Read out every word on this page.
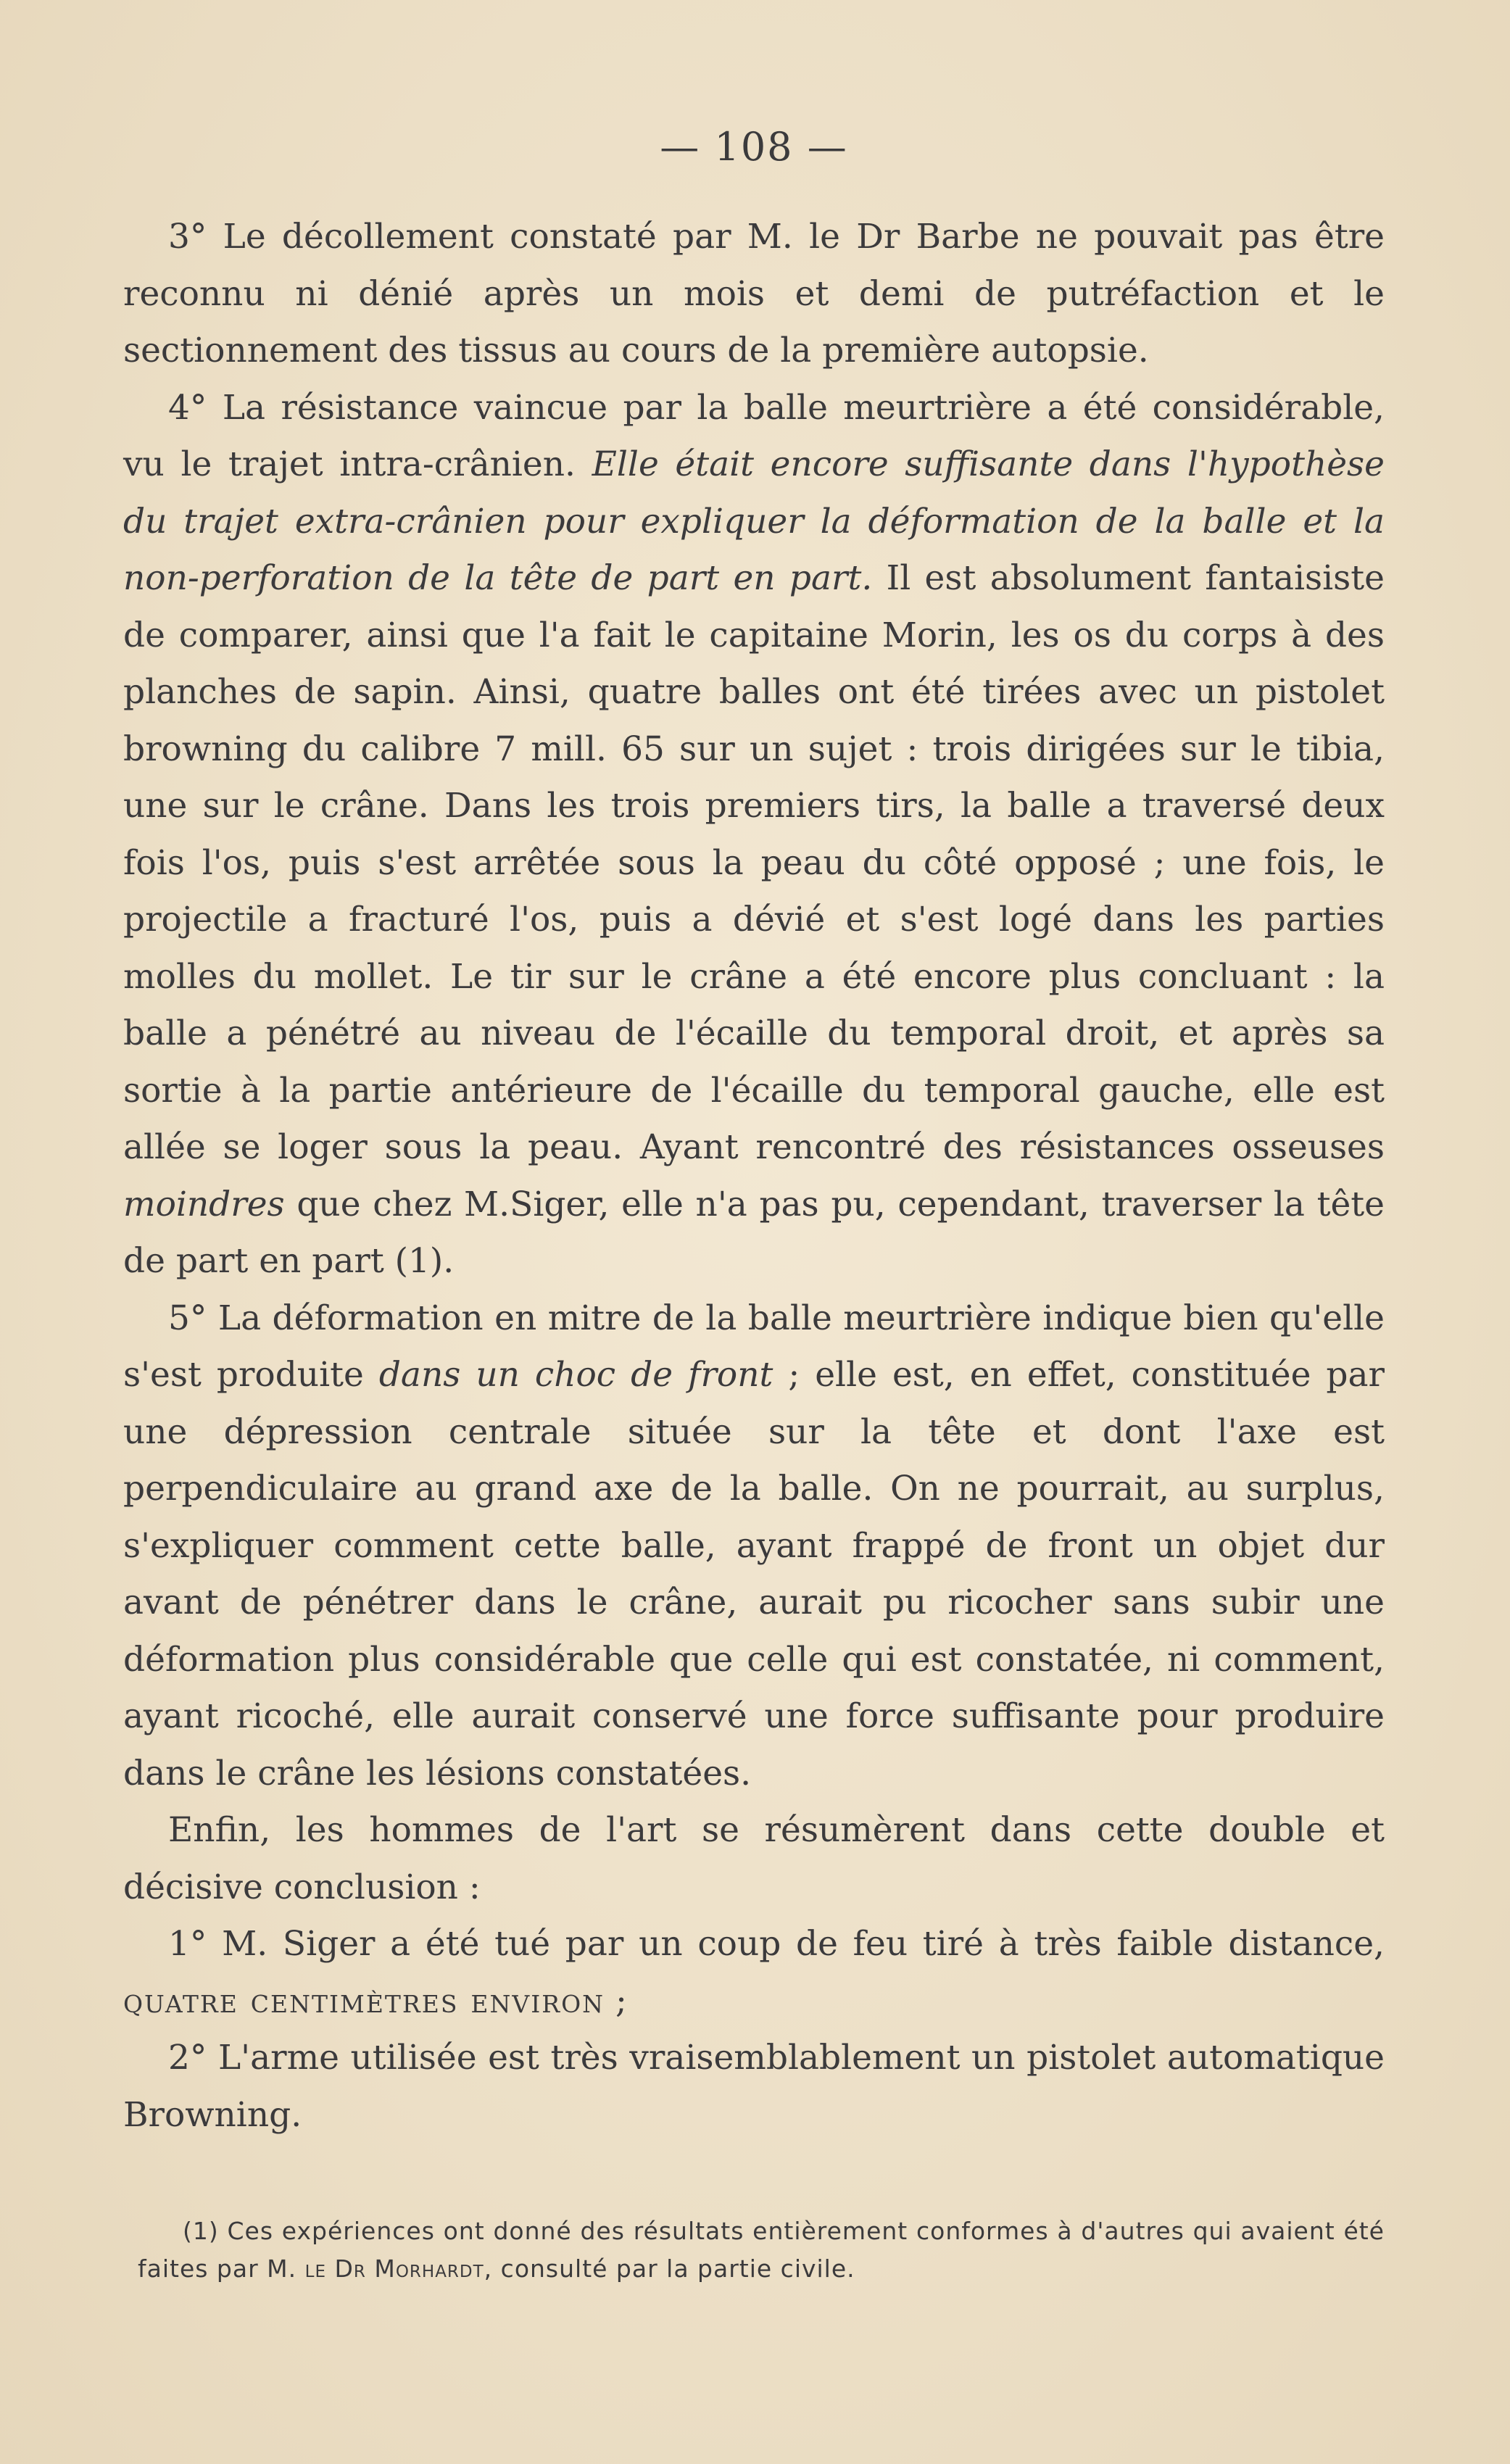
— 108 —

3° Le décollement constaté par M. le Dr Barbe ne pouvait pas être reconnu ni dénié après un mois et demi de putréfaction et le sectionnement des tissus au cours de la première autopsie.

4° La résistance vaincue par la balle meurtrière a été considérable, vu le trajet intra-crânien. Elle était encore suffisante dans l'hypothèse du trajet extra-crânien pour expliquer la déformation de la balle et la non-perforation de la tête de part en part. Il est absolument fantaisiste de comparer, ainsi que l'a fait le capitaine Morin, les os du corps à des planches de sapin. Ainsi, quatre balles ont été tirées avec un pistolet browning du calibre 7 mill. 65 sur un sujet : trois dirigées sur le tibia, une sur le crâne. Dans les trois premiers tirs, la balle a traversé deux fois l'os, puis s'est arrêtée sous la peau du côté opposé ; une fois, le projectile a fracturé l'os, puis a dévié et s'est logé dans les parties molles du mollet. Le tir sur le crâne a été encore plus concluant : la balle a pénétré au niveau de l'écaille du temporal droit, et après sa sortie à la partie antérieure de l'écaille du temporal gauche, elle est allée se loger sous la peau. Ayant rencontré des résistances osseuses moindres que chez M.Siger, elle n'a pas pu, cependant, traverser la tête de part en part (1).

5° La déformation en mitre de la balle meurtrière indique bien qu'elle s'est produite dans un choc de front ; elle est, en effet, constituée par une dépression centrale située sur la tête et dont l'axe est perpendiculaire au grand axe de la balle. On ne pourrait, au surplus, s'expliquer comment cette balle, ayant frappé de front un objet dur avant de pénétrer dans le crâne, aurait pu ricocher sans subir une déformation plus considérable que celle qui est constatée, ni comment, ayant ricoché, elle aurait conservé une force suffisante pour produire dans le crâne les lésions constatées.

Enfin, les hommes de l'art se résumèrent dans cette double et décisive conclusion :

1° M. Siger a été tué par un coup de feu tiré à très faible distance, quatre centimètres environ ;

2° L'arme utilisée est très vraisemblablement un pistolet automatique Browning.

(1) Ces expériences ont donné des résultats entièrement conformes à d'autres qui avaient été faites par M. le Dr Morhardt, consulté par la partie civile.
